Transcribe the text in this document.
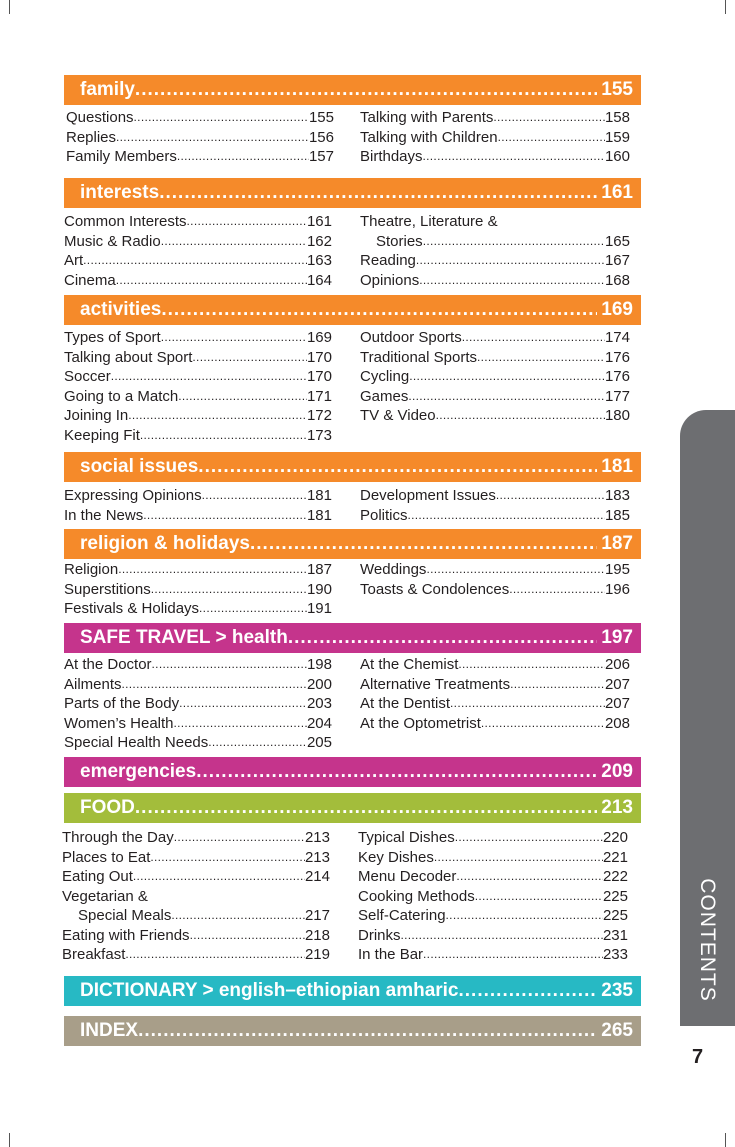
family .....	155
Questions .....	155
Replies .....	156
Family Members .....	157
Talking with Parents .....	158
Talking with Children .....	159
Birthdays .....	160
interests .....	161
Common Interests .....	161
Music & Radio .....	162
Art .....	163
Cinema .....	164
Theatre, Literature &
Stories .....	165
Reading .....	167
Opinions .....	168
activities .....	169
Types of Sport .....	169
Talking about Sport .....	170
Soccer .....	170
Going to a Match .....	171
Joining In .....	172
Keeping Fit .....	173
Outdoor Sports .....	174
Traditional Sports .....	176
Cycling .....	176
Games .....	177
TV & Video .....	180
social issues .....	181
Expressing Opinions .....	181
In the News .....	181
Development Issues .....	183
Politics .....	185
religion & holidays .....	187
Religion .....	187
Superstitions .....	190
Festivals & Holidays .....	191
Weddings .....	195
Toasts & Condolences .....	196
SAFE TRAVEL > health .....	197
At the Doctor .....	198
Ailments .....	200
Parts of the Body .....	203
Women’s Health .....	204
Special Health Needs .....	205
At the Chemist .....	206
Alternative Treatments .....	207
At the Dentist .....	207
At the Optometrist .....	208
emergencies .....	209
FOOD .....	213
Through the Day .....	213
Places to Eat .....	213
Eating Out .....	214
Vegetarian &
Special Meals .....	217
Eating with Friends .....	218
Breakfast .....	219
Typical Dishes .....	220
Key Dishes .....	221
Menu Decoder .....	222
Cooking Methods .....	225
Self-Catering .....	225
Drinks .....	231
In the Bar .....	233
DICTIONARY > english–ethiopian amharic .....	235
INDEX .....	265
CONTENTS
7
